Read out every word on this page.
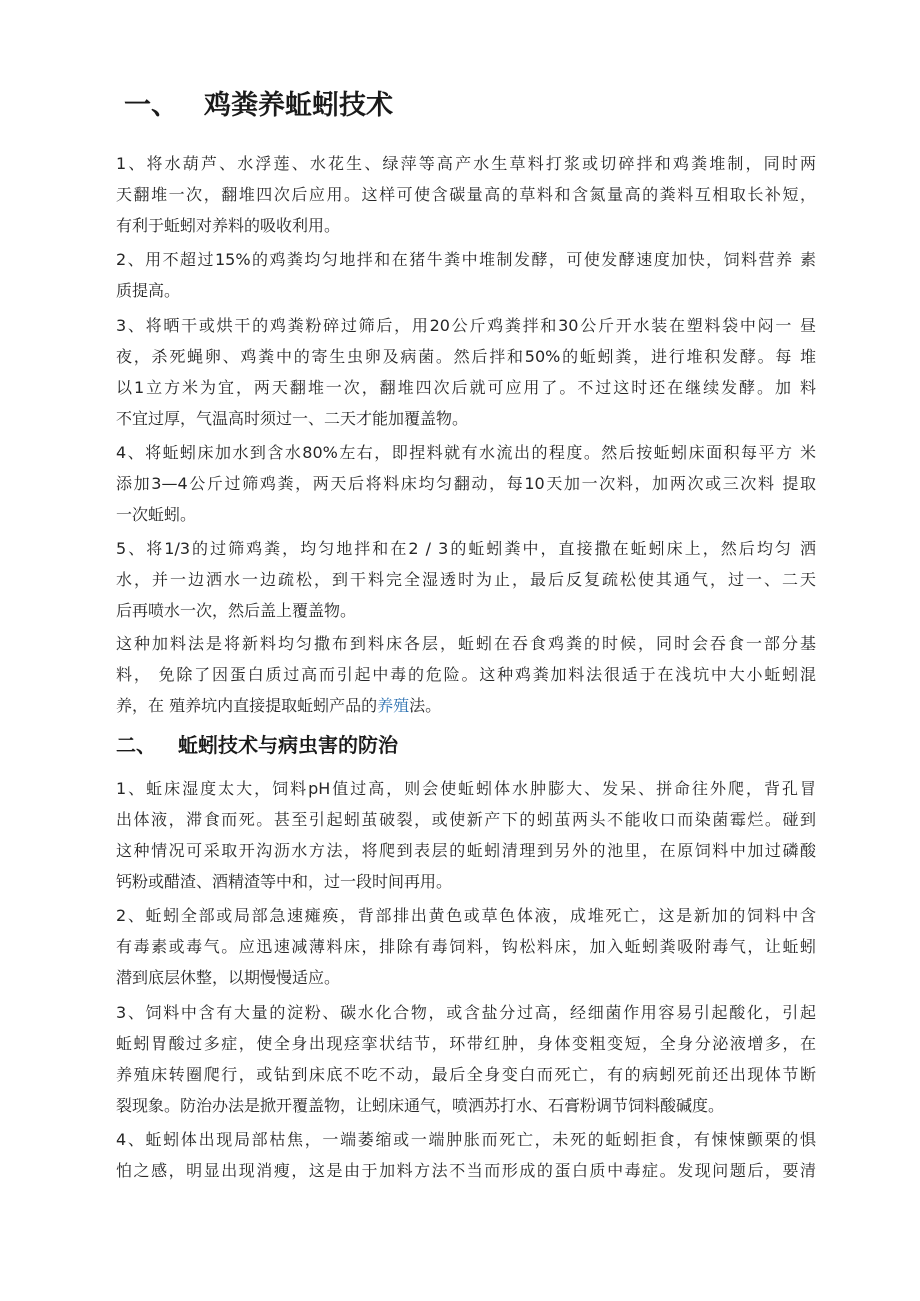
一、 鸡粪养蚯蚓技术
1、将水葫芦、水浮莲、水花生、绿萍等高产水生草料打浆或切碎拌和鸡粪堆制，同时两
天翻堆一次，翻堆四次后应用。这样可使含碳量高的草料和含氮量高的粪料互相取长补短，
有利于蚯蚓对养料的吸收利用。
2、用不超过15%的鸡粪均匀地拌和在猪牛粪中堆制发酵，可使发酵速度加快，饲料营养 素
质提高。
3、将晒干或烘干的鸡粪粉碎过筛后，用20公斤鸡粪拌和30公斤开水装在塑料袋中闷一 昼
夜，杀死蝇卵、鸡粪中的寄生虫卵及病菌。然后拌和50%的蚯蚓粪，进行堆积发酵。每 堆
以1立方米为宜，两天翻堆一次，翻堆四次后就可应用了。不过这时还在继续发酵。加 料
不宜过厚，气温高时须过一、二天才能加覆盖物。
4、将蚯蚓床加水到含水80%左右，即捏料就有水流出的程度。然后按蚯蚓床面积每平方 米
添加3—4公斤过筛鸡粪，两天后将料床均匀翻动，每10天加一次料，加两次或三次料 提取
一次蚯蚓。
5、将1/3的过筛鸡粪，均匀地拌和在2 / 3的蚯蚓粪中，直接撒在蚯蚓床上，然后均匀 洒
水，并一边洒水一边疏松，到干料完全湿透时为止，最后反复疏松使其通气，过一、二天
后再喷水一次，然后盖上覆盖物。
这种加料法是将新料均匀撒布到料床各层，蚯蚓在吞食鸡粪的时候，同时会吞食一部分基
料， 免除了因蛋白质过高而引起中毒的危险。这种鸡粪加料法很适于在浅坑中大小蚯蚓混
养，在 殖养坑内直接提取蚯蚓产品的养殖法。
二、 蚯蚓技术与病虫害的防治
1、蚯床湿度太大，饲料pH值过高，则会使蚯蚓体水肿膨大、发呆、拼命往外爬，背孔冒
出体液，滞食而死。甚至引起蚓茧破裂，或使新产下的蚓茧两头不能收口而染菌霉烂。碰到
这种情况可采取开沟沥水方法，将爬到表层的蚯蚓清理到另外的池里，在原饲料中加过磷酸
钙粉或醋渣、酒精渣等中和，过一段时间再用。
2、蚯蚓全部或局部急速瘫痪，背部排出黄色或草色体液，成堆死亡，这是新加的饲料中含
有毒素或毒气。应迅速减薄料床，排除有毒饲料，钩松料床，加入蚯蚓粪吸附毒气，让蚯蚓
潜到底层休整，以期慢慢适应。
3、饲料中含有大量的淀粉、碳水化合物，或含盐分过高，经细菌作用容易引起酸化，引起
蚯蚓胃酸过多症，使全身出现痉挛状结节，环带红肿，身体变粗变短，全身分泌液增多，在
养殖床转圈爬行，或钻到床底不吃不动，最后全身变白而死亡，有的病蚓死前还出现体节断
裂现象。防治办法是掀开覆盖物，让蚓床通气，喷洒苏打水、石膏粉调节饲料酸碱度。
4、蚯蚓体出现局部枯焦，一端萎缩或一端肿胀而死亡，未死的蚯蚓拒食，有悚悚颤栗的惧
怕之感，明显出现消瘦，这是由于加料方法不当而形成的蛋白质中毒症。发现问题后，要清
